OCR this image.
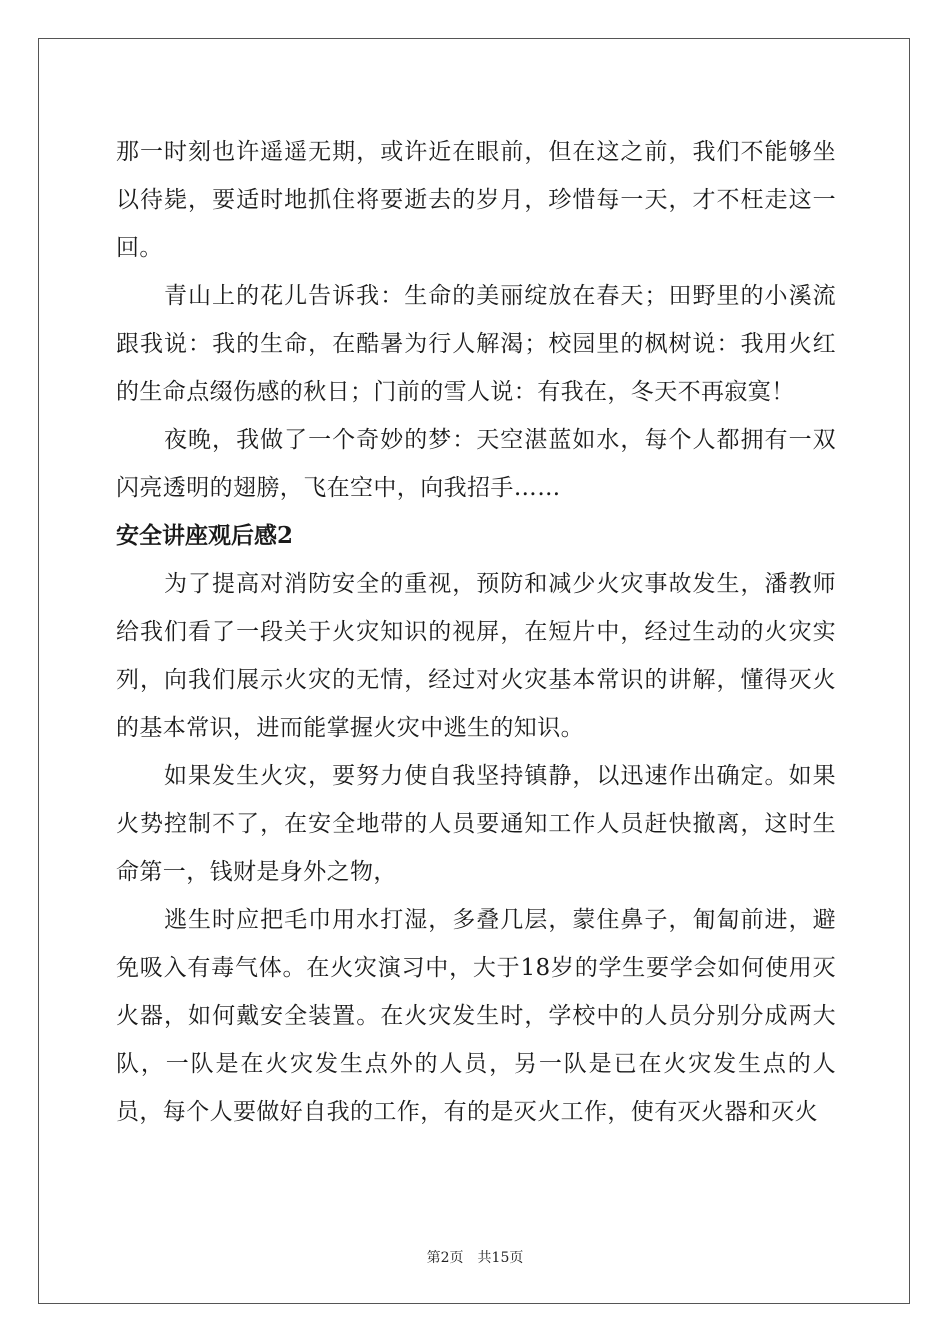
那一时刻也许遥遥无期，或许近在眼前，但在这之前，我们不能够坐以待毙，要适时地抓住将要逝去的岁月，珍惜每一天，才不枉走这一回。

青山上的花儿告诉我：生命的美丽绽放在春天；田野里的小溪流跟我说：我的生命，在酷暑为行人解渴；校园里的枫树说：我用火红的生命点缀伤感的秋日；门前的雪人说：有我在，冬天不再寂寞！

夜晚，我做了一个奇妙的梦：天空湛蓝如水，每个人都拥有一双闪亮透明的翅膀，飞在空中，向我招手……

安全讲座观后感2

为了提高对消防安全的重视，预防和减少火灾事故发生，潘教师给我们看了一段关于火灾知识的视屏，在短片中，经过生动的火灾实列，向我们展示火灾的无情，经过对火灾基本常识的讲解，懂得灭火的基本常识，进而能掌握火灾中逃生的知识。

如果发生火灾，要努力使自我坚持镇静，以迅速作出确定。如果火势控制不了，在安全地带的人员要通知工作人员赶快撤离，这时生命第一，钱财是身外之物，

逃生时应把毛巾用水打湿，多叠几层，蒙住鼻子，匍匐前进，避免吸入有毒气体。在火灾演习中，大于18岁的学生要学会如何使用灭火器，如何戴安全装置。在火灾发生时，学校中的人员分别分成两大队，一队是在火灾发生点外的人员，另一队是已在火灾发生点的人员，每个人要做好自我的工作，有的是灭火工作，使有灭火器和灭火

第2页　共15页
